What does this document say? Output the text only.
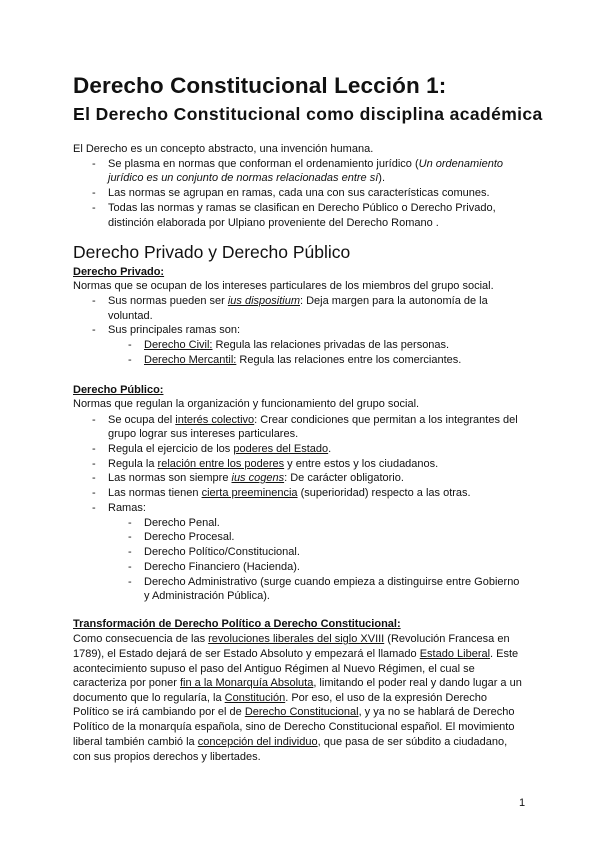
Derecho Constitucional Lección 1:
El Derecho Constitucional como disciplina académica
El Derecho es un concepto abstracto, una invención humana.
- Se plasma en normas que conforman el ordenamiento jurídico (Un ordenamiento
jurídico es un conjunto de normas relacionadas entre sí).
- Las normas se agrupan en ramas, cada una con sus características comunes.
- Todas las normas y ramas se clasifican en Derecho Público o Derecho Privado,
distinción elaborada por Ulpiano proveniente del Derecho Romano .
Derecho Privado y Derecho Público
Derecho Privado:
Normas que se ocupan de los intereses particulares de los miembros del grupo social.
- Sus normas pueden ser ius dispositium: Deja margen para la autonomía de la
voluntad.
- Sus principales ramas son:
- Derecho Civil: Regula las relaciones privadas de las personas.
- Derecho Mercantil: Regula las relaciones entre los comerciantes.
Derecho Público:
Normas que regulan la organización y funcionamiento del grupo social.
- Se ocupa del interés colectivo: Crear condiciones que permitan a los integrantes del
grupo lograr sus intereses particulares.
- Regula el ejercicio de los poderes del Estado.
- Regula la relación entre los poderes y entre estos y los ciudadanos.
- Las normas son siempre ius cogens: De carácter obligatorio.
- Las normas tienen cierta preeminencia (superioridad) respecto a las otras.
- Ramas:
- Derecho Penal.
- Derecho Procesal.
- Derecho Político/Constitucional.
- Derecho Financiero (Hacienda).
- Derecho Administrativo (surge cuando empieza a distinguirse entre Gobierno
y Administración Pública).
Transformación de Derecho Político a Derecho Constitucional:
Como consecuencia de las revoluciones liberales del siglo XVIII (Revolución Francesa en
1789), el Estado dejará de ser Estado Absoluto y empezará el llamado Estado Liberal. Este
acontecimiento supuso el paso del Antiguo Régimen al Nuevo Régimen, el cual se
caracteriza por poner fin a la Monarquía Absoluta, limitando el poder real y dando lugar a un
documento que lo regularía, la Constitución. Por eso, el uso de la expresión Derecho
Político se irá cambiando por el de Derecho Constitucional, y ya no se hablará de Derecho
Político de la monarquía española, sino de Derecho Constitucional español. El movimiento
liberal también cambió la concepción del individuo, que pasa de ser súbdito a ciudadano,
con sus propios derechos y libertades.
1
